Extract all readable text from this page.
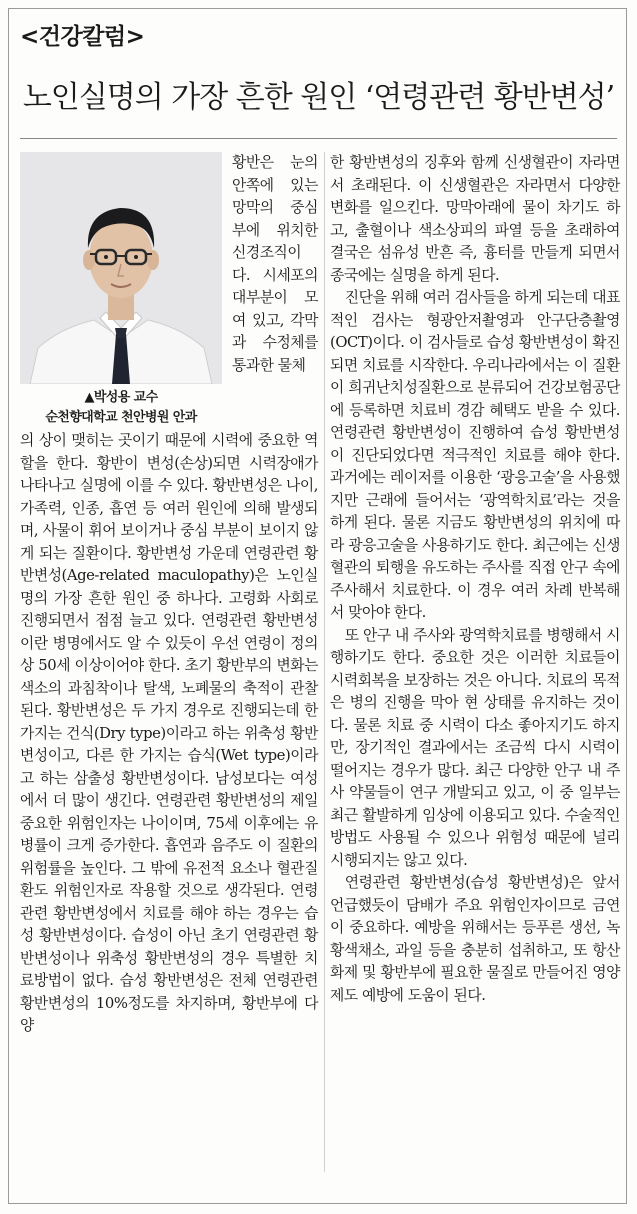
<건강칼럼>
노인실명의 가장 흔한 원인 ‘연령관련 황반변성’
▲박성용 교수
순천향대학교 천안병원 안과

황반은 눈의 안쪽에 있는 망막의 중심부에 위치한 신경조직이다. 시세포의 대부분이 모여 있고, 각막과 수정체를 통과한 물체

의 상이 맺히는 곳이기 때문에 시력에 중요한 역할을 한다. 황반이 변성(손상)되면 시력장애가 나타나고 실명에 이를 수 있다. 황반변성은 나이, 가족력, 인종, 흡연 등 여러 원인에 의해 발생되며, 사물이 휘어 보이거나 중심 부분이 보이지 않게 되는 질환이다. 황반변성 가운데 연령관련 황반변성(Age-related maculopathy)은 노인실명의 가장 흔한 원인 중 하나다. 고령화 사회로 진행되면서 점점 늘고 있다. 연령관련 황반변성이란 병명에서도 알 수 있듯이 우선 연령이 정의상 50세 이상이어야 한다. 초기 황반부의 변화는 색소의 과침착이나 탈색, 노폐물의 축적이 관찰된다. 황반변성은 두 가지 경우로 진행되는데 한 가지는 건식(Dry type)이라고 하는 위축성 황반변성이고, 다른 한 가지는 습식(Wet type)이라고 하는 삼출성 황반변성이다. 남성보다는 여성에서 더 많이 생긴다. 연령관련 황반변성의 제일 중요한 위험인자는 나이이며, 75세 이후에는 유병률이 크게 증가한다. 흡연과 음주도 이 질환의 위험률을 높인다. 그 밖에 유전적 요소나 혈관질환도 위험인자로 작용할 것으로 생각된다. 연령관련 황반변성에서 치료를 해야 하는 경우는 습성 황반변성이다. 습성이 아닌 초기 연령관련 황반변성이나 위축성 황반변성의 경우 특별한 치료방법이 없다. 습성 황반변성은 전체 연령관련 황반변성의 10%정도를 차지하며, 황반부에 다양

한 황반변성의 징후와 함께 신생혈관이 자라면서 초래된다. 이 신생혈관은 자라면서 다양한 변화를 일으킨다. 망막아래에 물이 차기도 하고, 출혈이나 색소상피의 파열 등을 초래하여 결국은 섬유성 반흔 즉, 흉터를 만들게 되면서 종국에는 실명을 하게 된다.

진단을 위해 여러 검사들을 하게 되는데 대표적인 검사는 형광안저촬영과 안구단층촬영(OCT)이다. 이 검사들로 습성 황반변성이 확진되면 치료를 시작한다. 우리나라에서는 이 질환이 희귀난치성질환으로 분류되어 건강보험공단에 등록하면 치료비 경감 혜택도 받을 수 있다. 연령관련 황반변성이 진행하여 습성 황반변성이 진단되었다면 적극적인 치료를 해야 한다. 과거에는 레이저를 이용한 ‘광응고술’을 사용했지만 근래에 들어서는 ‘광역학치료’라는 것을 하게 된다. 물론 지금도 황반변성의 위치에 따라 광응고술을 사용하기도 한다. 최근에는 신생혈관의 퇴행을 유도하는 주사를 직접 안구 속에 주사해서 치료한다. 이 경우 여러 차례 반복해서 맞아야 한다.

또 안구 내 주사와 광역학치료를 병행해서 시행하기도 한다. 중요한 것은 이러한 치료들이 시력회복을 보장하는 것은 아니다. 치료의 목적은 병의 진행을 막아 현 상태를 유지하는 것이다. 물론 치료 중 시력이 다소 좋아지기도 하지만, 장기적인 결과에서는 조금씩 다시 시력이 떨어지는 경우가 많다. 최근 다양한 안구 내 주사 약물들이 연구 개발되고 있고, 이 중 일부는 최근 활발하게 임상에 이용되고 있다. 수술적인 방법도 사용될 수 있으나 위험성 때문에 널리 시행되지는 않고 있다.

연령관련 황반변성(습성 황반변성)은 앞서 언급했듯이 담배가 주요 위험인자이므로 금연이 중요하다. 예방을 위해서는 등푸른 생선, 녹황색채소, 과일 등을 충분히 섭취하고, 또 항산화제 및 황반부에 필요한 물질로 만들어진 영양제도 예방에 도움이 된다.
